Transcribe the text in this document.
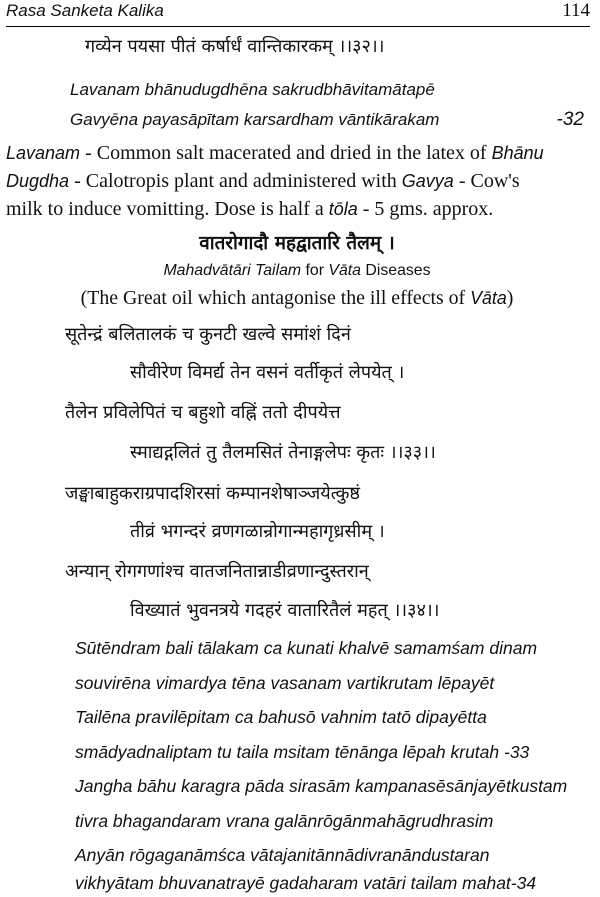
Rasa Sanketa Kalika	114
गव्येन पयसा पीतं कर्षार्धं वान्तिकारकम् ।।३२।।
Lavanam bhānudugdhēna sakrudbhāvitamātapē
Gavyēna payasāpītam karsardham vāntikārakam	-32
Lavanam - Common salt macerated and dried in the latex of Bhānu
Dugdha - Calotropis plant and administered with Gavya - Cow's
milk to induce vomitting. Dose is half a tōla - 5 gms. approx.
वातरोगादौ महद्वातारि तैलम् ।
Mahadvātāri Tailam for Vāta Diseases
(The Great oil which antagonise the ill effects of Vāta)
सूतेन्द्रं बलितालकं च कुनटी खल्वे समांशं दिनं
सौवीरेण विमर्द्य तेन वसनं वर्तीकृतं लेपयेत् ।
तैलेन प्रविलेपितं च बहुशो वह्निं ततो दीपयेत्त
स्माद्यद्गलितं तु तैलमसितं तेनाङ्गलेपः कृतः ।।३३।।
जङ्घाबाहुकराग्रपादशिरसां कम्पानशेषाञ्जयेत्कुष्ठं
तीव्रं भगन्दरं व्रणगळान्रोगान्महागृध्रसीम् ।
अन्यान् रोगगणांश्च वातजनितान्नाडीव्रणान्दुस्तरान्
विख्यातं भुवनत्रये गदहरं वातारितैलं महत् ।।३४।।
Sūtēndram bali tālakam ca kunati khalvē samamśam dinam
souvirēna vimardya tēna vasanam vartikrutam lēpayēt
Tailēna pravilēpitam ca bahusō vahnim tatō dipayētta
smādyadnaliptam tu taila msitam tēnānga lēpah krutah -33
Jangha bāhu karagra pāda sirasām kampanasēsānjayētkustam
tivra bhagandaram vrana galānrōgānmahāgrudhrasim
Anyān rōgaganāmśca vātajanitānnādivranāndustaran
vikhyātam bhuvanatrayē gadaharam vatāri tailam mahat-34
